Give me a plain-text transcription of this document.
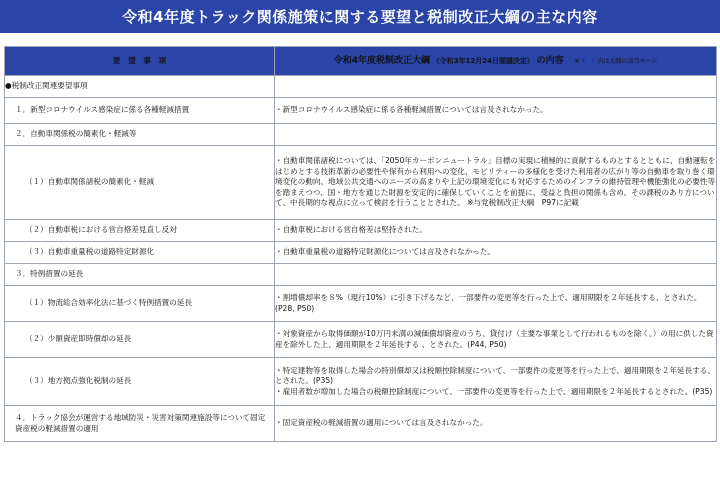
令和4年度トラック関係施策に関する要望と税制改正大綱の主な内容
要　望　事　項	令和4年度税制改正大綱 （令和3年12月24日閣議決定） の内容 ※（　）内は大綱の該当ページ
●税制改正関連要望事項	
１．新型コロナウイルス感染症に係る各種軽減措置	・新型コロナウイルス感染症に係る各種軽減措置については言及されなかった。
２．自動車関係税の簡素化・軽減等	
（１）自動車関係諸税の簡素化・軽減	・自動車関係諸税については、「2050年カーボンニュートラル」目標の実現に積極的に貢献するものとするとともに、自動運転をはじめとする技術革新の必要性や保有から利用への変化、モビリティーの多様化を受けた利用者の広がり等の自動車を取り巻く環境変化の動向、地域公共交通へのニーズの高まりや上記の環境変化にも対応するためのインフラの維持管理や機能強化の必要性等を踏まえつつ、国・地方を通じた財源を安定的に確保していくことを前提に、受益と負担の関係も含め、その課税のあり方について、中長期的な視点に立って検討を行うこととされた。 ※与党税制改正大綱　P97に記載
（２）自動車税における営自格差見直し反対	・自動車税における営自格差は堅持された。
（３）自動車重量税の道路特定財源化	・自動車重量税の道路特定財源化については言及されなかった。
３．特例措置の延長	
（１）物流総合効率化法に基づく特例措置の延長	・割増償却率を８%（現行10%）に引き下げるなど、一部要件の変更等を行った上で、適用期限を２年延長する、とされた。(P28, P50)
（２）少額資産即時償却の延長	・対象資産から取得価額が10万円未満の減価償却資産のうち、貸付け（主要な事業として行われるものを除く。）の用に供した資産を除外した上、適用期限を２年延長する 、とされた。(P44, P50)
（３）地方拠点強化税制の延長	・特定建物等を取得した場合の特別償却又は税額控除制度について、一部要件の変更等を行った上で、適用期限を２年延長する、とされた。(P35)
・雇用者数が増加した場合の税額控除制度について、一部要件の変更等を行った上で、適用期限を２年延長するとされた。(P35)
４．トラック協会が運営する地域防災・災害対策関連施設等について固定資産税の軽減措置の適用	・固定資産税の軽減措置の適用については言及されなかった。
